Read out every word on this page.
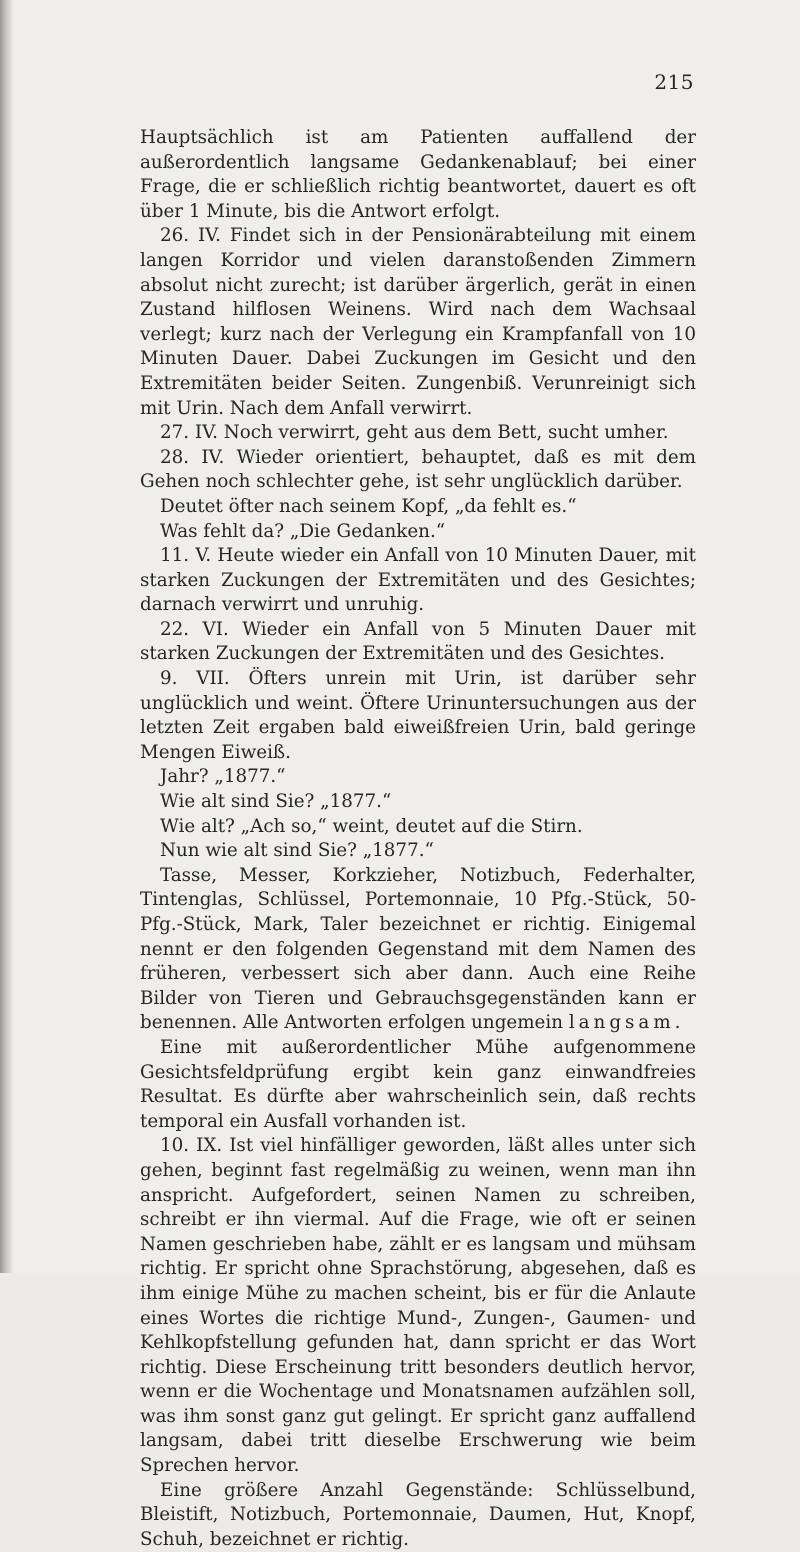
215

Hauptsächlich ist am Patienten auffallend der außerordentlich langsame Gedankenablauf; bei einer Frage, die er schließlich richtig beantwortet, dauert es oft über 1 Minute, bis die Antwort erfolgt.

26. IV. Findet sich in der Pensionärabteilung mit einem langen Korridor und vielen daranstoßenden Zimmern absolut nicht zurecht; ist darüber ärgerlich, gerät in einen Zustand hilflosen Weinens. Wird nach dem Wachsaal verlegt; kurz nach der Verlegung ein Krampfanfall von 10 Minuten Dauer. Dabei Zuckungen im Gesicht und den Extremitäten beider Seiten. Zungenbiß. Verunreinigt sich mit Urin. Nach dem Anfall verwirrt.

27. IV. Noch verwirrt, geht aus dem Bett, sucht umher.

28. IV. Wieder orientiert, behauptet, daß es mit dem Gehen noch schlechter gehe, ist sehr unglücklich darüber.

Deutet öfter nach seinem Kopf, „da fehlt es.“

Was fehlt da? „Die Gedanken.“

11. V. Heute wieder ein Anfall von 10 Minuten Dauer, mit starken Zuckungen der Extremitäten und des Gesichtes; darnach verwirrt und unruhig.

22. VI. Wieder ein Anfall von 5 Minuten Dauer mit starken Zuckungen der Extremitäten und des Gesichtes.

9. VII. Öfters unrein mit Urin, ist darüber sehr unglücklich und weint. Öftere Urinuntersuchungen aus der letzten Zeit ergaben bald eiweißfreien Urin, bald geringe Mengen Eiweiß.

Jahr? „1877.“

Wie alt sind Sie? „1877.“

Wie alt? „Ach so,“ weint, deutet auf die Stirn.

Nun wie alt sind Sie? „1877.“

Tasse, Messer, Korkzieher, Notizbuch, Federhalter, Tintenglas, Schlüssel, Portemonnaie, 10 Pfg.-Stück, 50-Pfg.-Stück, Mark, Taler bezeichnet er richtig. Einigemal nennt er den folgenden Gegenstand mit dem Namen des früheren, verbessert sich aber dann. Auch eine Reihe Bilder von Tieren und Gebrauchsgegenständen kann er benennen. Alle Antworten erfolgen ungemein langsam.

Eine mit außerordentlicher Mühe aufgenommene Gesichtsfeldprüfung ergibt kein ganz einwandfreies Resultat. Es dürfte aber wahrscheinlich sein, daß rechts temporal ein Ausfall vorhanden ist.

10. IX. Ist viel hinfälliger geworden, läßt alles unter sich gehen, beginnt fast regelmäßig zu weinen, wenn man ihn anspricht. Aufgefordert, seinen Namen zu schreiben, schreibt er ihn viermal. Auf die Frage, wie oft er seinen Namen geschrieben habe, zählt er es langsam und mühsam richtig. Er spricht ohne Sprachstörung, abgesehen, daß es ihm einige Mühe zu machen scheint, bis er für die Anlaute eines Wortes die richtige Mund-, Zungen-, Gaumen- und Kehlkopfstellung gefunden hat, dann spricht er das Wort richtig. Diese Erscheinung tritt besonders deutlich hervor, wenn er die Wochentage und Monatsnamen aufzählen soll, was ihm sonst ganz gut gelingt. Er spricht ganz auffallend langsam, dabei tritt dieselbe Erschwerung wie beim Sprechen hervor.

Eine größere Anzahl Gegenstände: Schlüsselbund, Bleistift, Notizbuch, Portemonnaie, Daumen, Hut, Knopf, Schuh, bezeichnet er richtig.
